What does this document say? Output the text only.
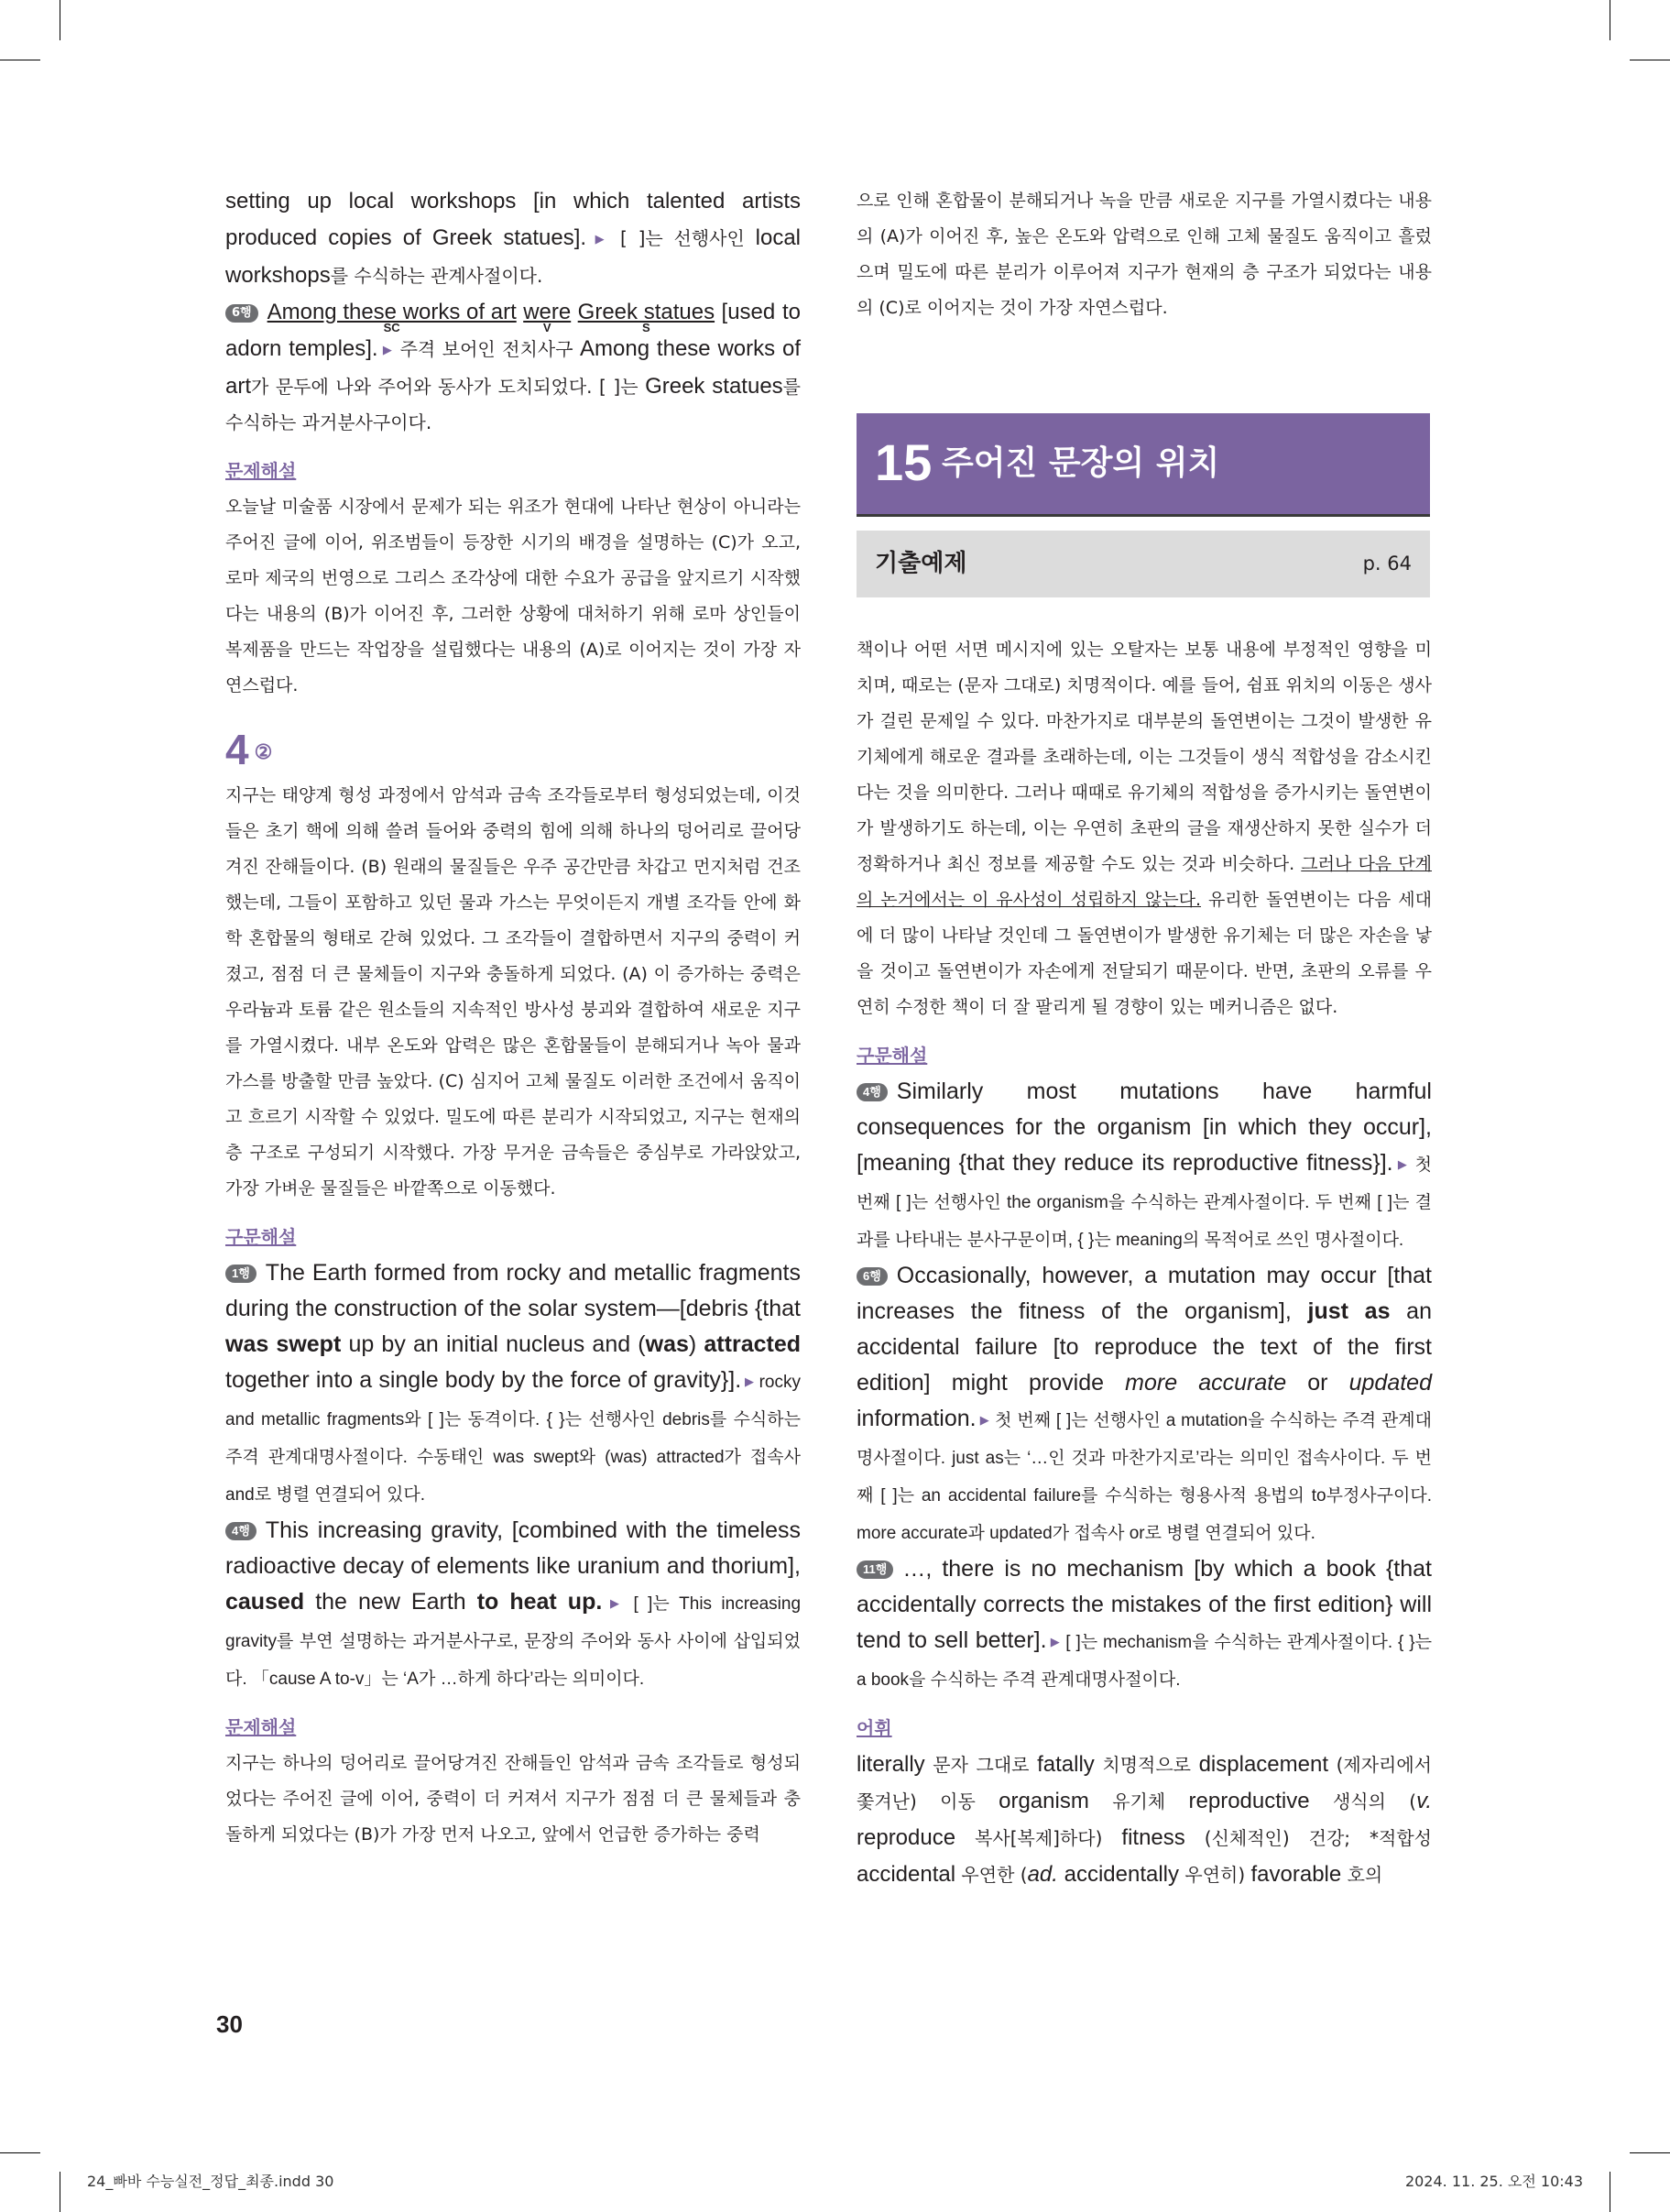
setting up local workshops [in which talented artists produced copies of Greek statues]. ▶ [ ]는 선행사인 local workshops를 수식하는 관계사절이다.

6행 Among these works of art
SC
were
V
Greek statues
S
[used to adorn temples]. ▶ 주격 보어인 전치사구 Among these works of art가 문두에 나와 주어와 동사가 도치되었다. [ ]는 Greek statues를 수식하는 과거분사구이다.

문제해설

오늘날 미술품 시장에서 문제가 되는 위조가 현대에 나타난 현상이 아니라는 주어진 글에 이어, 위조범들이 등장한 시기의 배경을 설명하는 (C)가 오고, 로마 제국의 번영으로 그리스 조각상에 대한 수요가 공급을 앞지르기 시작했다는 내용의 (B)가 이어진 후, 그러한 상황에 대처하기 위해 로마 상인들이 복제품을 만드는 작업장을 설립했다는 내용의 (A)로 이어지는 것이 가장 자연스럽다.

4 ②

지구는 태양계 형성 과정에서 암석과 금속 조각들로부터 형성되었는데, 이것들은 초기 핵에 의해 쓸려 들어와 중력의 힘에 의해 하나의 덩어리로 끌어당겨진 잔해들이다. (B) 원래의 물질들은 우주 공간만큼 차갑고 먼지처럼 건조했는데, 그들이 포함하고 있던 물과 가스는 무엇이든지 개별 조각들 안에 화학 혼합물의 형태로 갇혀 있었다. 그 조각들이 결합하면서 지구의 중력이 커졌고, 점점 더 큰 물체들이 지구와 충돌하게 되었다. (A) 이 증가하는 중력은 우라늄과 토륨 같은 원소들의 지속적인 방사성 붕괴와 결합하여 새로운 지구를 가열시켰다. 내부 온도와 압력은 많은 혼합물들이 분해되거나 녹아 물과 가스를 방출할 만큼 높았다. (C) 심지어 고체 물질도 이러한 조건에서 움직이고 흐르기 시작할 수 있었다. 밀도에 따른 분리가 시작되었고, 지구는 현재의 층 구조로 구성되기 시작했다. 가장 무거운 금속들은 중심부로 가라앉았고, 가장 가벼운 물질들은 바깥쪽으로 이동했다.

구문해설

1행 The Earth formed from rocky and metallic fragments during the construction of the solar system—[debris {that was swept up by an initial nucleus and (was) attracted together into a single body by the force of gravity}]. ▶ rocky and metallic fragments와 [ ]는 동격이다. { }는 선행사인 debris를 수식하는 주격 관계대명사절이다. 수동태인 was swept와 (was) attracted가 접속사 and로 병렬 연결되어 있다.

4행 This increasing gravity, [combined with the timeless radioactive decay of elements like uranium and thorium], caused the new Earth to heat up. ▶ [ ]는 This increasing gravity를 부연 설명하는 과거분사구로, 문장의 주어와 동사 사이에 삽입되었다. 「cause A to-v」는 ‘A가 …하게 하다’라는 의미이다.

문제해설

지구는 하나의 덩어리로 끌어당겨진 잔해들인 암석과 금속 조각들로 형성되었다는 주어진 글에 이어, 중력이 더 커져서 지구가 점점 더 큰 물체들과 충돌하게 되었다는 (B)가 가장 먼저 나오고, 앞에서 언급한 증가하는 중력

으로 인해 혼합물이 분해되거나 녹을 만큼 새로운 지구를 가열시켰다는 내용의 (A)가 이어진 후, 높은 온도와 압력으로 인해 고체 물질도 움직이고 흘렀으며 밀도에 따른 분리가 이루어져 지구가 현재의 층 구조가 되었다는 내용의 (C)로 이어지는 것이 가장 자연스럽다.

15 주어진 문장의 위치
기출예제	p. 64

책이나 어떤 서면 메시지에 있는 오탈자는 보통 내용에 부정적인 영향을 미치며, 때로는 (문자 그대로) 치명적이다. 예를 들어, 쉼표 위치의 이동은 생사가 걸린 문제일 수 있다. 마찬가지로 대부분의 돌연변이는 그것이 발생한 유기체에게 해로운 결과를 초래하는데, 이는 그것들이 생식 적합성을 감소시킨다는 것을 의미한다. 그러나 때때로 유기체의 적합성을 증가시키는 돌연변이가 발생하기도 하는데, 이는 우연히 초판의 글을 재생산하지 못한 실수가 더 정확하거나 최신 정보를 제공할 수도 있는 것과 비슷하다. 그러나 다음 단계의 논거에서는 이 유사성이 성립하지 않는다. 유리한 돌연변이는 다음 세대에 더 많이 나타날 것인데 그 돌연변이가 발생한 유기체는 더 많은 자손을 낳을 것이고 돌연변이가 자손에게 전달되기 때문이다. 반면, 초판의 오류를 우연히 수정한 책이 더 잘 팔리게 될 경향이 있는 메커니즘은 없다.

구문해설

4행 Similarly most mutations have harmful consequences for the organism [in which they occur], [meaning {that they reduce its reproductive fitness}]. ▶ 첫 번째 [ ]는 선행사인 the organism을 수식하는 관계사절이다. 두 번째 [ ]는 결과를 나타내는 분사구문이며, { }는 meaning의 목적어로 쓰인 명사절이다.

6행 Occasionally, however, a mutation may occur [that increases the fitness of the organism], just as an accidental failure [to reproduce the text of the first edition] might provide more accurate or updated information. ▶ 첫 번째 [ ]는 선행사인 a mutation을 수식하는 주격 관계대명사절이다. just as는 ‘…인 것과 마찬가지로’라는 의미인 접속사이다. 두 번째 [ ]는 an accidental failure를 수식하는 형용사적 용법의 to부정사구이다. more accurate과 updated가 접속사 or로 병렬 연결되어 있다.

11행 …, there is no mechanism [by which a book {that accidentally corrects the mistakes of the first edition} will tend to sell better]. ▶ [ ]는 mechanism을 수식하는 관계사절이다. { }는 a book을 수식하는 주격 관계대명사절이다.

어휘

literally 문자 그대로 fatally 치명적으로 displacement (제자리에서 쫓겨난) 이동 organism 유기체 reproductive 생식의 (v. reproduce 복사[복제]하다) fitness (신체적인) 건강; *적합성 accidental 우연한 (ad. accidentally 우연히) favorable 호의

30
24_빠바 수능실전_정답_최종.indd 30	2024. 11. 25. 오전 10:43
